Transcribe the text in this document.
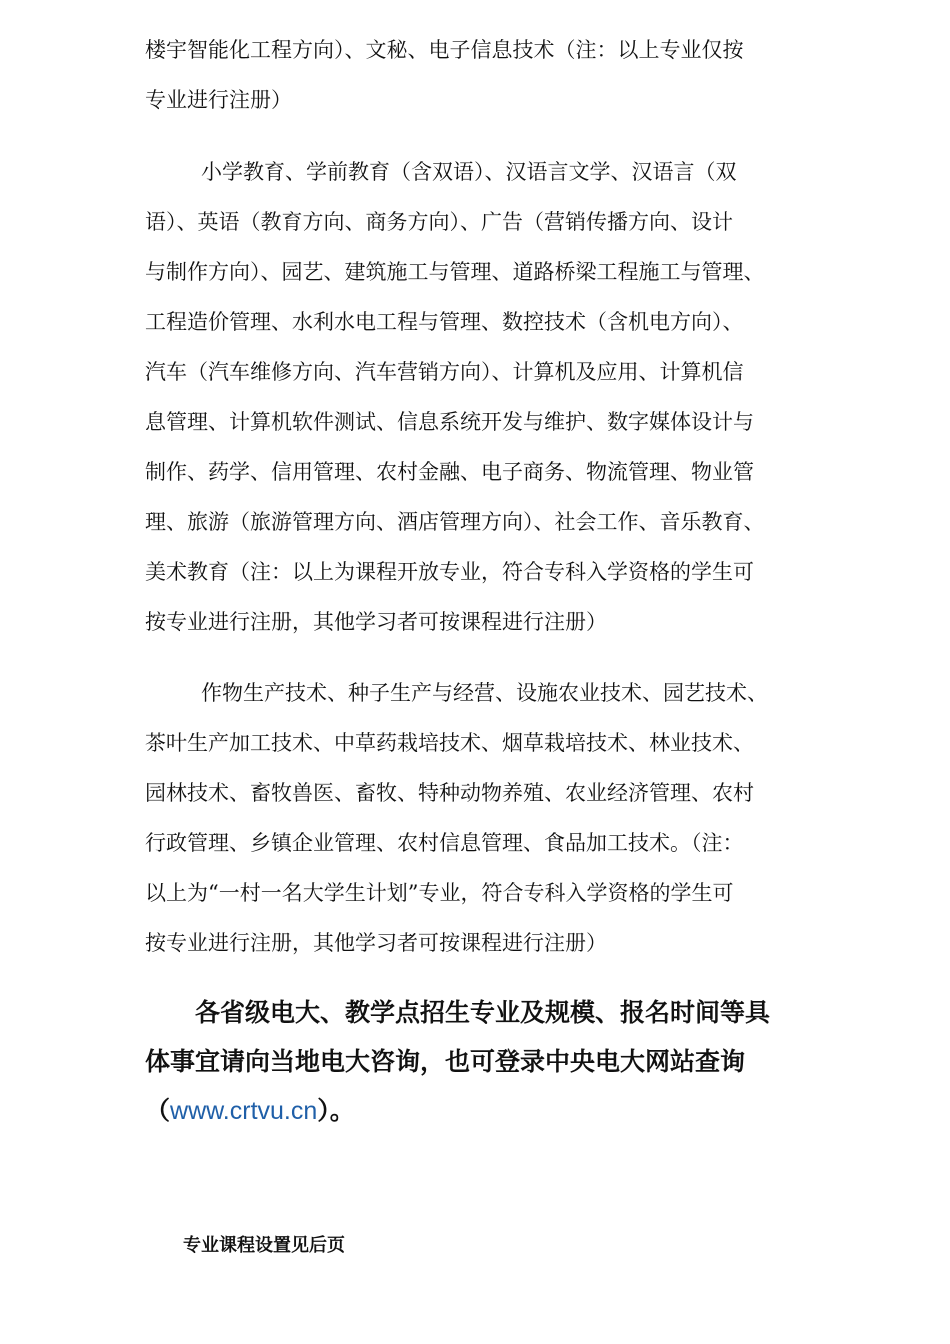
楼宇智能化工程方向）、文秘、电子信息技术（注：以上专业仅按
专业进行注册）
小学教育、学前教育（含双语）、汉语言文学、汉语言（双
语）、英语（教育方向、商务方向）、广告（营销传播方向、设计
与制作方向）、园艺、建筑施工与管理、道路桥梁工程施工与管理、
工程造价管理、水利水电工程与管理、数控技术（含机电方向）、
汽车（汽车维修方向、汽车营销方向）、计算机及应用、计算机信
息管理、计算机软件测试、信息系统开发与维护、数字媒体设计与
制作、药学、信用管理、农村金融、电子商务、物流管理、物业管
理、旅游（旅游管理方向、酒店管理方向）、社会工作、音乐教育、
美术教育（注：以上为课程开放专业，符合专科入学资格的学生可
按专业进行注册，其他学习者可按课程进行注册）
作物生产技术、种子生产与经营、设施农业技术、园艺技术、
茶叶生产加工技术、中草药栽培技术、烟草栽培技术、林业技术、
园林技术、畜牧兽医、畜牧、特种动物养殖、农业经济管理、农村
行政管理、乡镇企业管理、农村信息管理、食品加工技术。（注：
以上为“一村一名大学生计划”专业，符合专科入学资格的学生可
按专业进行注册，其他学习者可按课程进行注册）
各省级电大、教学点招生专业及规模、报名时间等具
体事宜请向当地电大咨询，也可登录中央电大网站查询
（www.crtvu.cn）。
专业课程设置见后页
